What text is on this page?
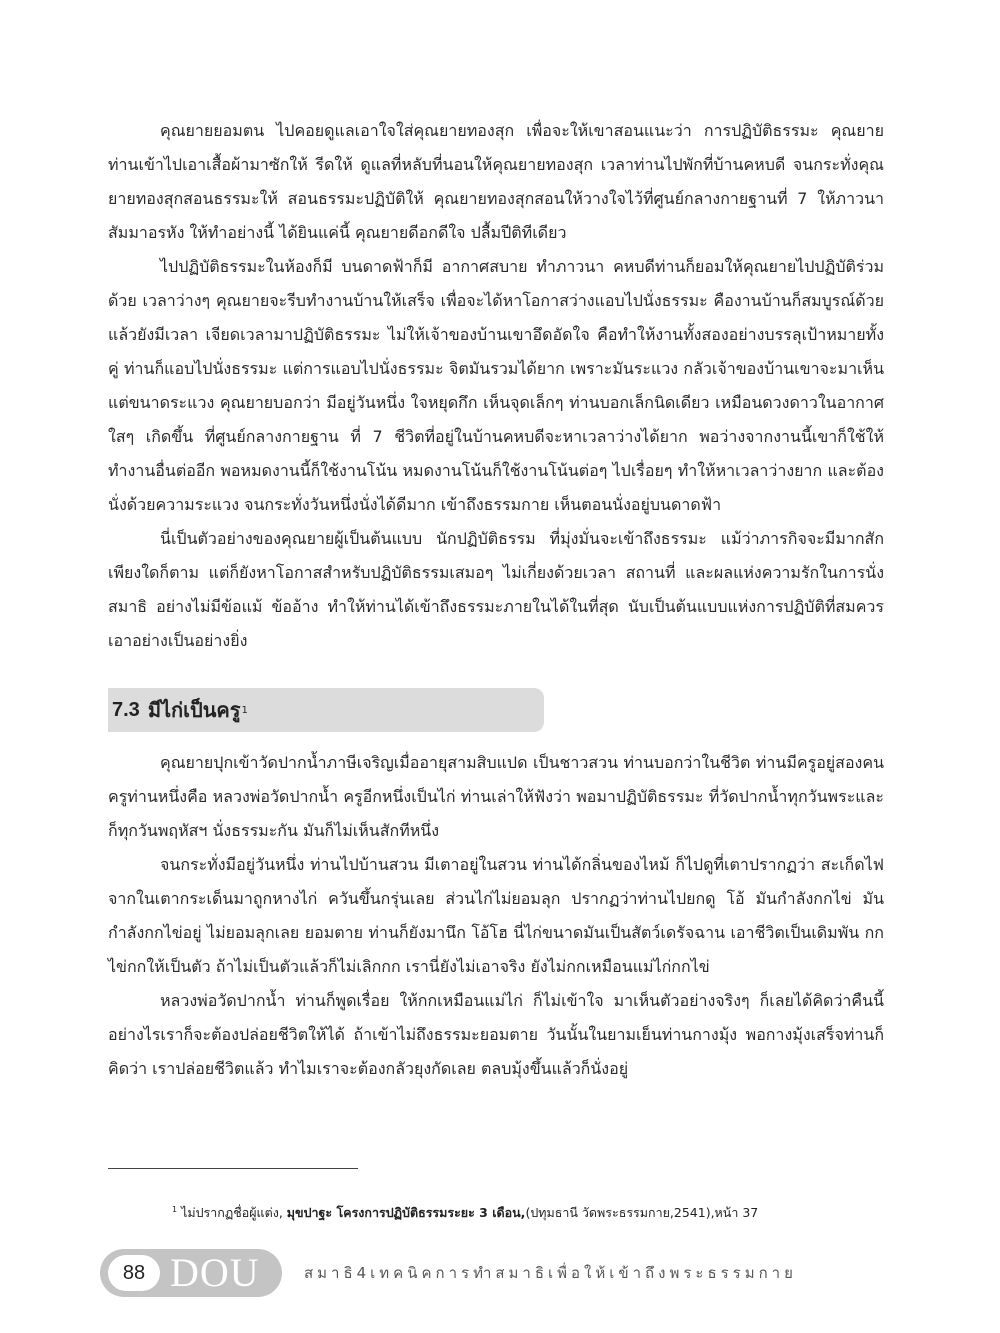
คุณยายยอมตน ไปคอยดูแลเอาใจใส่คุณยายทองสุก เพื่อจะให้เขาสอนแนะว่า การปฏิบัติธรรมะ คุณยายท่านเข้าไปเอาเสื้อผ้ามาซักให้ รีดให้ ดูแลที่หลับที่นอนให้คุณยายทองสุก เวลาท่านไปพักที่บ้านคหบดี จนกระทั่งคุณยายทองสุกสอนธรรมะให้ สอนธรรมะปฏิบัติให้ คุณยายทองสุกสอนให้วางใจไว้ที่ศูนย์กลางกายฐานที่ 7 ให้ภาวนา สัมมาอรหัง ให้ทำอย่างนี้ ได้ยินแค่นี้ คุณยายดีอกดีใจ ปลื้มปีติทีเดียว

ไปปฏิบัติธรรมะในห้องก็มี บนดาดฟ้าก็มี อากาศสบาย ทำภาวนา คหบดีท่านก็ยอมให้คุณยายไปปฏิบัติร่วมด้วย เวลาว่างๆ คุณยายจะรีบทำงานบ้านให้เสร็จ เพื่อจะได้หาโอกาสว่างแอบไปนั่งธรรมะ คืองานบ้านก็สมบูรณ์ด้วย แล้วยังมีเวลา เจียดเวลามาปฏิบัติธรรมะ ไม่ให้เจ้าของบ้านเขาอึดอัดใจ คือทำให้งานทั้งสองอย่างบรรลุเป้าหมายทั้งคู่ ท่านก็แอบไปนั่งธรรมะ แต่การแอบไปนั่งธรรมะ จิตมันรวมได้ยาก เพราะมันระแวง กลัวเจ้าของบ้านเขาจะมาเห็น แต่ขนาดระแวง คุณยายบอกว่า มีอยู่วันหนึ่ง ใจหยุดกึก เห็นจุดเล็กๆ ท่านบอกเล็กนิดเดียว เหมือนดวงดาวในอากาศใสๆ เกิดขึ้น ที่ศูนย์กลางกายฐาน ที่ 7 ชีวิตที่อยู่ในบ้านคหบดีจะหาเวลาว่างได้ยาก พอว่างจากงานนี้เขาก็ใช้ให้ทำงานอื่นต่ออีก พอหมดงานนี้ก็ใช้งานโน้น หมดงานโน้นก็ใช้งานโน้นต่อๆ ไปเรื่อยๆ ทำให้หาเวลาว่างยาก และต้องนั่งด้วยความระแวง จนกระทั่งวันหนึ่งนั่งได้ดีมาก เข้าถึงธรรมกาย เห็นตอนนั่งอยู่บนดาดฟ้า

นี่เป็นตัวอย่างของคุณยายผู้เป็นต้นแบบ นักปฏิบัติธรรม ที่มุ่งมั่นจะเข้าถึงธรรมะ แม้ว่าภารกิจจะมีมากสักเพียงใดก็ตาม แต่ก็ยังหาโอกาสสำหรับปฏิบัติธรรมเสมอๆ ไม่เกี่ยงด้วยเวลา สถานที่ และผลแห่งความรักในการนั่งสมาธิ อย่างไม่มีข้อแม้ ข้ออ้าง ทำให้ท่านได้เข้าถึงธรรมะภายในได้ในที่สุด นับเป็นต้นแบบแห่งการปฏิบัติที่สมควรเอาอย่างเป็นอย่างยิ่ง

7.3 มีไก่เป็นครู 1

คุณยายปุกเข้าวัดปากน้ำภาษีเจริญเมื่ออายุสามสิบแปด เป็นชาวสวน ท่านบอกว่าในชีวิต ท่านมีครูอยู่สองคน ครูท่านหนึ่งคือ หลวงพ่อวัดปากน้ำ ครูอีกหนึ่งเป็นไก่ ท่านเล่าให้ฟังว่า พอมาปฏิบัติธรรมะ ที่วัดปากน้ำทุกวันพระและก็ทุกวันพฤหัสฯ นั่งธรรมะกัน มันก็ไม่เห็นสักทีหนึ่ง

จนกระทั่งมีอยู่วันหนึ่ง ท่านไปบ้านสวน มีเตาอยู่ในสวน ท่านได้กลิ่นของไหม้ ก็ไปดูที่เตาปรากฏว่า สะเก็ดไฟจากในเตากระเด็นมาถูกหางไก่ ควันขึ้นกรุ่นเลย ส่วนไก่ไม่ยอมลุก ปรากฏว่าท่านไปยกดู โอ้ มันกำลังกกไข่ มันกำลังกกไข่อยู่ ไม่ยอมลุกเลย ยอมตาย ท่านก็ยังมานึก โอ้โฮ นี่ไก่ขนาดมันเป็นสัตว์เดรัจฉาน เอาชีวิตเป็นเดิมพัน กกไข่กกให้เป็นตัว ถ้าไม่เป็นตัวแล้วก็ไม่เลิกกก เรานี่ยังไม่เอาจริง ยังไม่กกเหมือนแม่ไก่กกไข่

หลวงพ่อวัดปากน้ำ ท่านก็พูดเรื่อย ให้กกเหมือนแม่ไก่ ก็ไม่เข้าใจ มาเห็นตัวอย่างจริงๆ ก็เลยได้คิดว่าคืนนี้ อย่างไรเราก็จะต้องปล่อยชีวิตให้ได้ ถ้าเข้าไม่ถึงธรรมะยอมตาย วันนั้นในยามเย็นท่านกางมุ้ง พอกางมุ้งเสร็จท่านก็คิดว่า เราปล่อยชีวิตแล้ว ทำไมเราจะต้องกลัวยุงกัดเลย ตลบมุ้งขึ้นแล้วก็นั่งอยู่

$^1$ ไม่ปรากฏชื่อผู้แต่ง, มุขปาฐะ โครงการปฏิบัติธรรมระยะ 3 เดือน,(ปทุมธานี วัดพระธรรมกาย,2541),หน้า 37
88 DOU	สมาธิ4เทคนิคการทำสมาธิเพื่อให้เข้าถึงพระธรรมกาย
